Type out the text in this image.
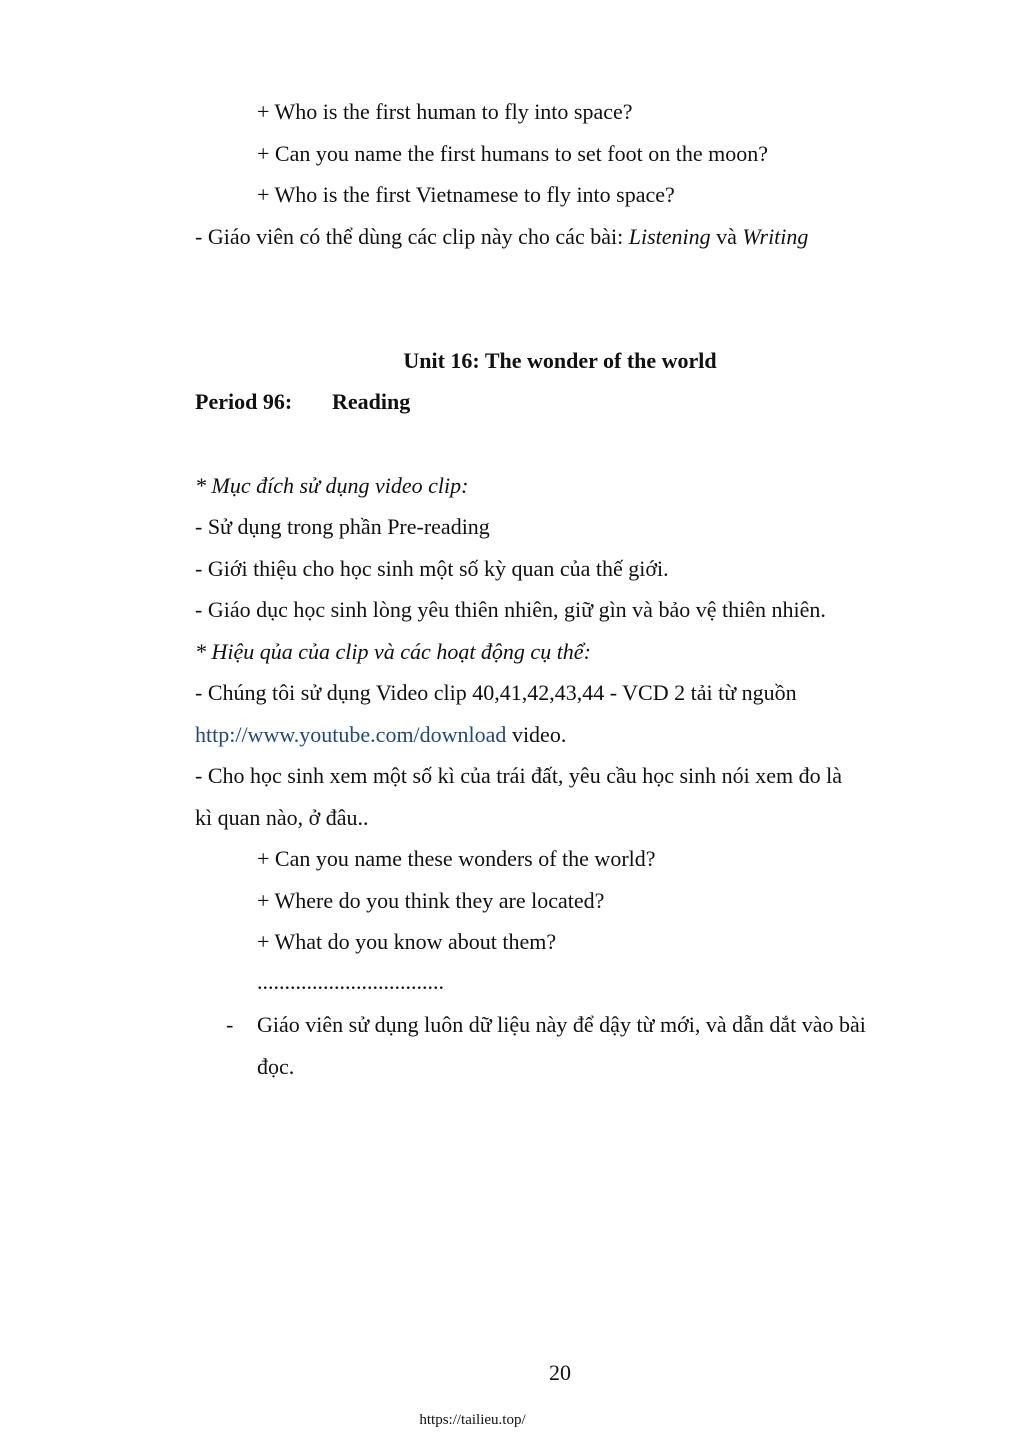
+ Who is the first human to fly into space?
+ Can you name the first humans to set foot on the moon?
+ Who is the first Vietnamese to fly into space?
- Giáo viên có thể dùng các clip này cho các bài: Listening và Writing
Unit 16: The wonder of the world
Period 96: Reading
* Mục đích sử dụng video clip:
- Sử dụng trong phần Pre-reading
- Giới thiệu cho học sinh một số kỳ quan của thế giới.
- Giáo dục học sinh lòng yêu thiên nhiên, giữ gìn và bảo vệ thiên nhiên.
* Hiệu qủa của clip và các hoạt động cụ thể:
- Chúng tôi sử dụng Video clip 40,41,42,43,44 - VCD 2 tải từ nguồn
http://www.youtube.com/download video.
- Cho học sinh xem một số kì của trái đất, yêu cầu học sinh nói xem đo là
kì quan nào, ở đâu..
+ Can you name these wonders of the world?
+ Where do you think they are located?
+ What do you know about them?
..................................
- Giáo viên sử dụng luôn dữ liệu này để dậy từ mới, và dẫn dắt vào bài
đọc.
20
https://tailieu.top/
